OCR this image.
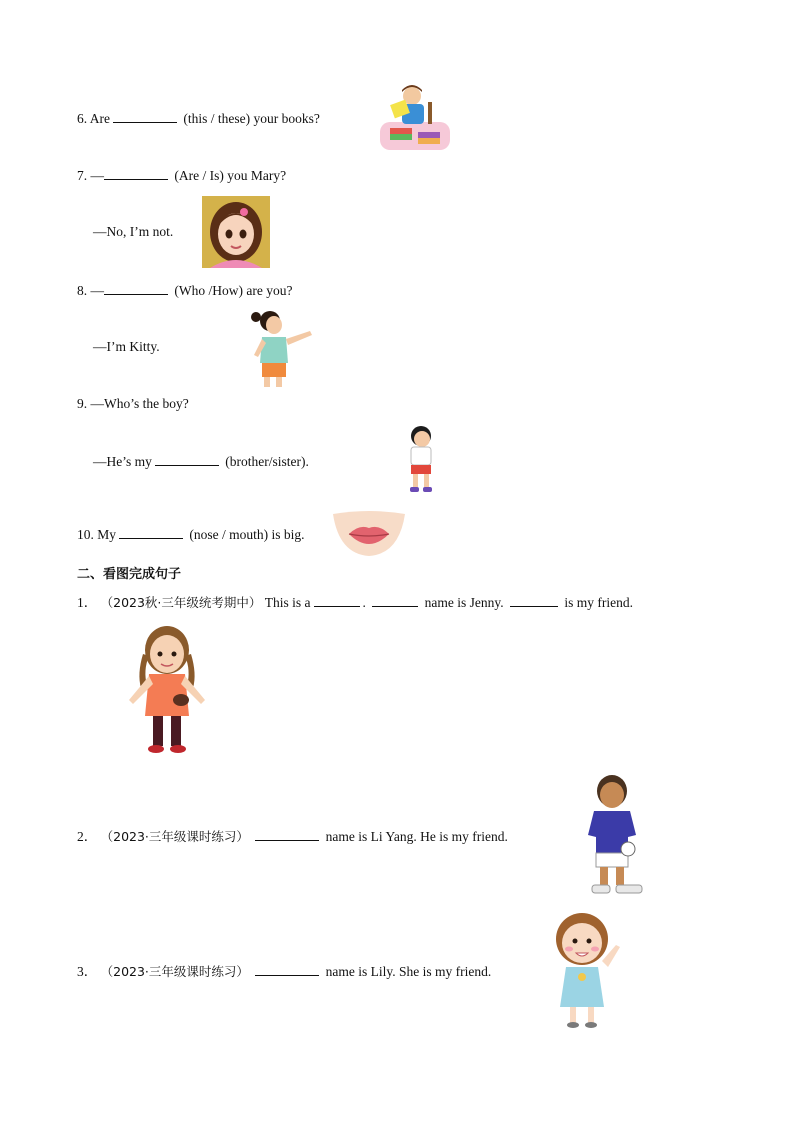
6. Are	(this / these) your books?
7. —	(Are / Is) you Mary?
—No, I’m not.
8. —	(Who /How) are you?
—I’m Kitty.
9. —Who’s the boy?
—He’s my	(brother/sister).
10. My	(nose / mouth) is big.
二、看图完成句子
1． （2023秋·三年级统考期中） This is a	.	name is Jenny.	is my friend.
2． （2023·三年级课时练习）	name is Li Yang. He is my friend.
3． （2023·三年级课时练习）	name is Lily. She is my friend.
